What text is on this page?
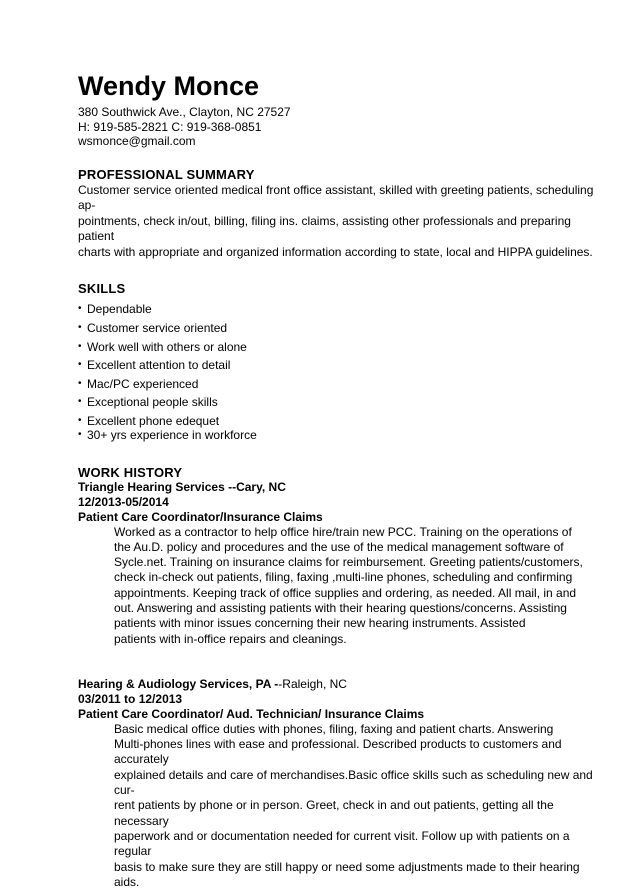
Wendy Monce
380 Southwick Ave., Clayton, NC 27527
H: 919-585-2821 C: 919-368-0851
wsmonce@gmail.com
PROFESSIONAL SUMMARY
Customer service oriented medical front office assistant, skilled with greeting patients, scheduling ap-
pointments, check in/out, billing, filing ins. claims, assisting other professionals and preparing patient
charts with appropriate and organized information according to state, local and HIPPA guidelines.
SKILLS
• Dependable
• Customer service oriented
• Work well with others or alone
• Excellent attention to detail
• Mac/PC experienced
• Exceptional people skills
• Excellent phone edequet
• 30+ yrs experience in workforce
WORK HISTORY
Triangle Hearing Services --Cary, NC
12/2013-05/2014
Patient Care Coordinator/Insurance Claims
Worked as a contractor to help office hire/train new PCC. Training on the operations of
the Au.D. policy and procedures and the use of the medical management software of
Sycle.net. Training on insurance claims for reimbursement. Greeting patients/customers,
check in-check out patients, filing, faxing ,multi-line phones, scheduling and confirming
appointments. Keeping track of office supplies and ordering, as needed. All mail, in and
out. Answering and assisting patients with their hearing questions/concerns. Assisting
patients with minor issues concerning their new hearing instruments. Assisted
patients with in-office repairs and cleanings.
Hearing & Audiology Services, PA --Raleigh, NC
03/2011 to 12/2013
Patient Care Coordinator/ Aud. Technician/ Insurance Claims
Basic medical office duties with phones, filing, faxing and patient charts. Answering
Multi-phones lines with ease and professional. Described products to customers and accurately
explained details and care of merchandises.Basic office skills such as scheduling new and cur-
rent patients by phone or in person. Greet, check in and out patients, getting all the necessary
paperwork and or documentation needed for current visit. Follow up with patients on a regular
basis to make sure they are still happy or need some adjustments made to their hearing aids.
